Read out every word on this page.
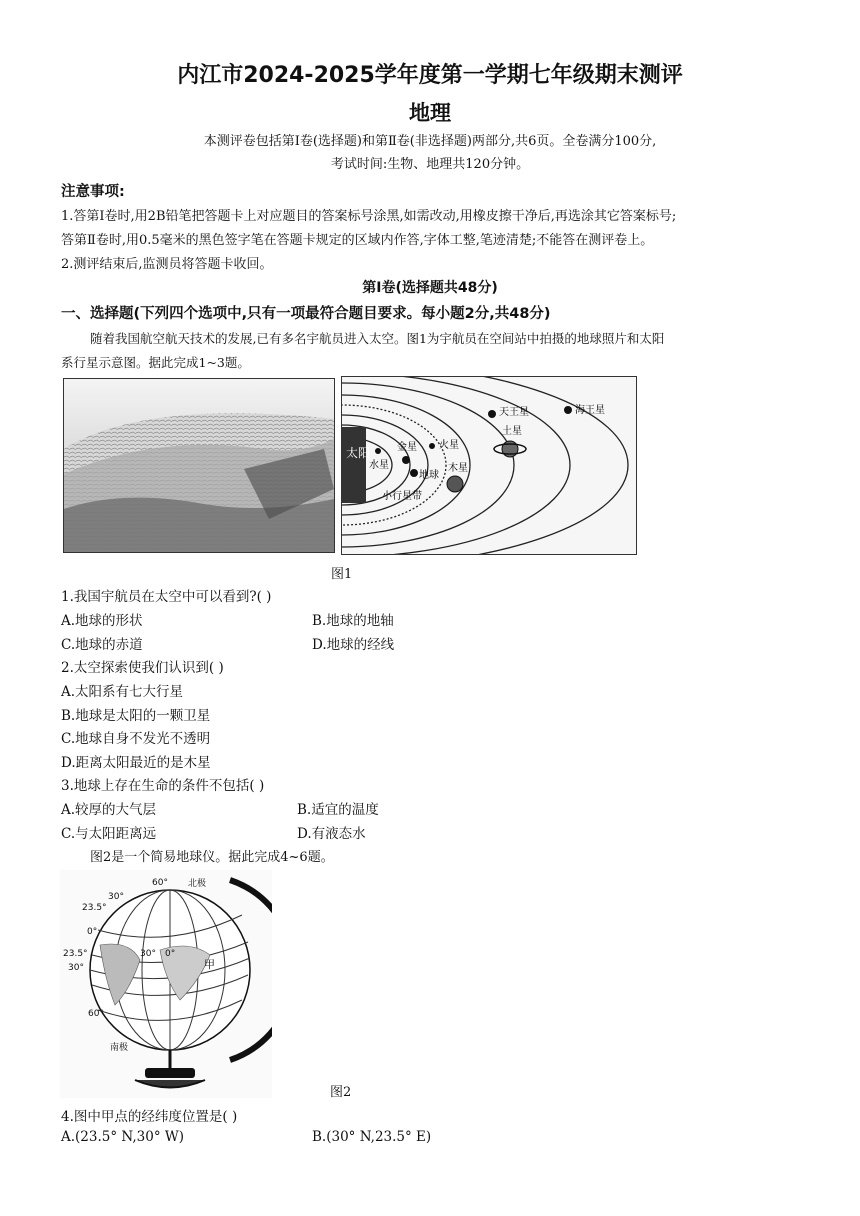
内江市2024-2025学年度第一学期七年级期末测评
地理
本测评卷包括第Ⅰ卷(选择题)和第Ⅱ卷(非选择题)两部分,共6页。全卷满分100分,
考试时间:生物、地理共120分钟。
注意事项:
1.答第Ⅰ卷时,用2B铅笔把答题卡上对应题目的答案标号涂黑,如需改动,用橡皮擦干净后,再选涂其它答案标号;
答第Ⅱ卷时,用0.5毫米的黑色签字笔在答题卡规定的区域内作答,字体工整,笔迹清楚;不能答在测评卷上。
2.测评结束后,监测员将答题卡收回。
第Ⅰ卷(选择题共48分)
一、选择题(下列四个选项中,只有一项最符合题目要求。每小题2分,共48分)
随着我国航空航天技术的发展,已有多名宇航员进入太空。图1为宇航员在空间站中拍摄的地球照片和太阳
系行星示意图。据此完成1~3题。
太阳
水星
金星
地球
火星
小行星带
木星
土星
天王星	海王星
图1
1.我国宇航员在太空中可以看到?( )
A.地球的形状	B.地球的地轴
C.地球的赤道	D.地球的经线
2.太空探索使我们认识到( )
A.太阳系有七大行星
B.地球是太阳的一颗卫星
C.地球自身不发光不透明
D.距离太阳最近的是木星
3.地球上存在生命的条件不包括( )
A.较厚的大气层	B.适宜的温度
C.与太阳距离远	D.有液态水
图2是一个简易地球仪。据此完成4~6题。
北极
南极
甲
60°
30°
23.5°
0°
23.5°
30°
60°
30° 0°
图2
4.图中甲点的经纬度位置是( )
A.(23.5° N,30° W)	B.(30° N,23.5° E)
